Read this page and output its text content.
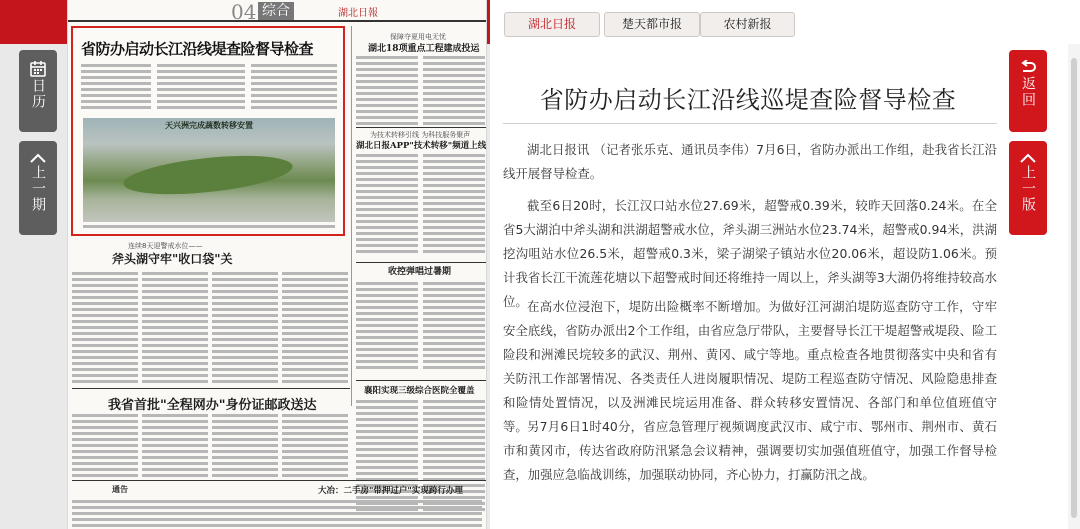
04 综合	湖北日報
省防办启动长江沿线堤查险督导检查
天兴洲完成蔬数转移安置
保障夺夏用电无忧
湖北18项重点工程建成投运
为技术转移引线 为科技服务聚声
湖北日报APP"技术转移"频道上线
连续8天迎警戒水位——
斧头湖守牢"收口袋"关
收控弹唱过暑期
襄阳实现三级综合医院全覆盖
我省首批"全程网办"身份证邮政送达
通告	大冶：二手房"带押过户"实现跨行办理
日历
上一期
湖北日报	楚天都市报	农村新报
省防办启动长江沿线巡堤查险督导检查

湖北日报讯 （记者张乐克、通讯员李伟）7月6日，省防办派出工作组，赴我省长江沿线开展督导检查。

截至6日20时，长江汉口站水位27.69米，超警戒0.39米，较昨天回落0.24米。在全省5大湖泊中斧头湖和洪湖超警戒水位，斧头湖三洲站水位23.74米，超警戒0.94米，洪湖挖沟咀站水位26.5米，超警戒0.3米，梁子湖梁子镇站水位20.06米，超设防1.06米。预计我省长江干流莲花塘以下超警戒时间还将维持一周以上，斧头湖等3大湖仍将维持较高水位。 在高水位浸泡下，堤防出险概率不断增加。为做好江河湖泊堤防巡查防守工作，守牢安全底线，省防办派出2个工作组，由省应急厅带队，主要督导长江干堤超警戒堤段、险工险段和洲滩民垸较多的武汉、荆州、黄冈、咸宁等地。重点检查各地贯彻落实中央和省有关防汛工作部署情况、各类责任人进岗履职情况、堤防工程巡查防守情况、风险隐患排查和险情处置情况，以及洲滩民垸运用准备、群众转移安置情况、各部门和单位值班值守等。 另7月6日1时40分，省应急管理厅视频调度武汉市、咸宁市、鄂州市、荆州市、黄石市和黄冈市，传达省政府防汛紧急会议精神，强调要切实加强值班值守，加强工作督导检查，加强应急临战训练，加强联动协同，齐心协力，打赢防汛之战。

返回
上一版
